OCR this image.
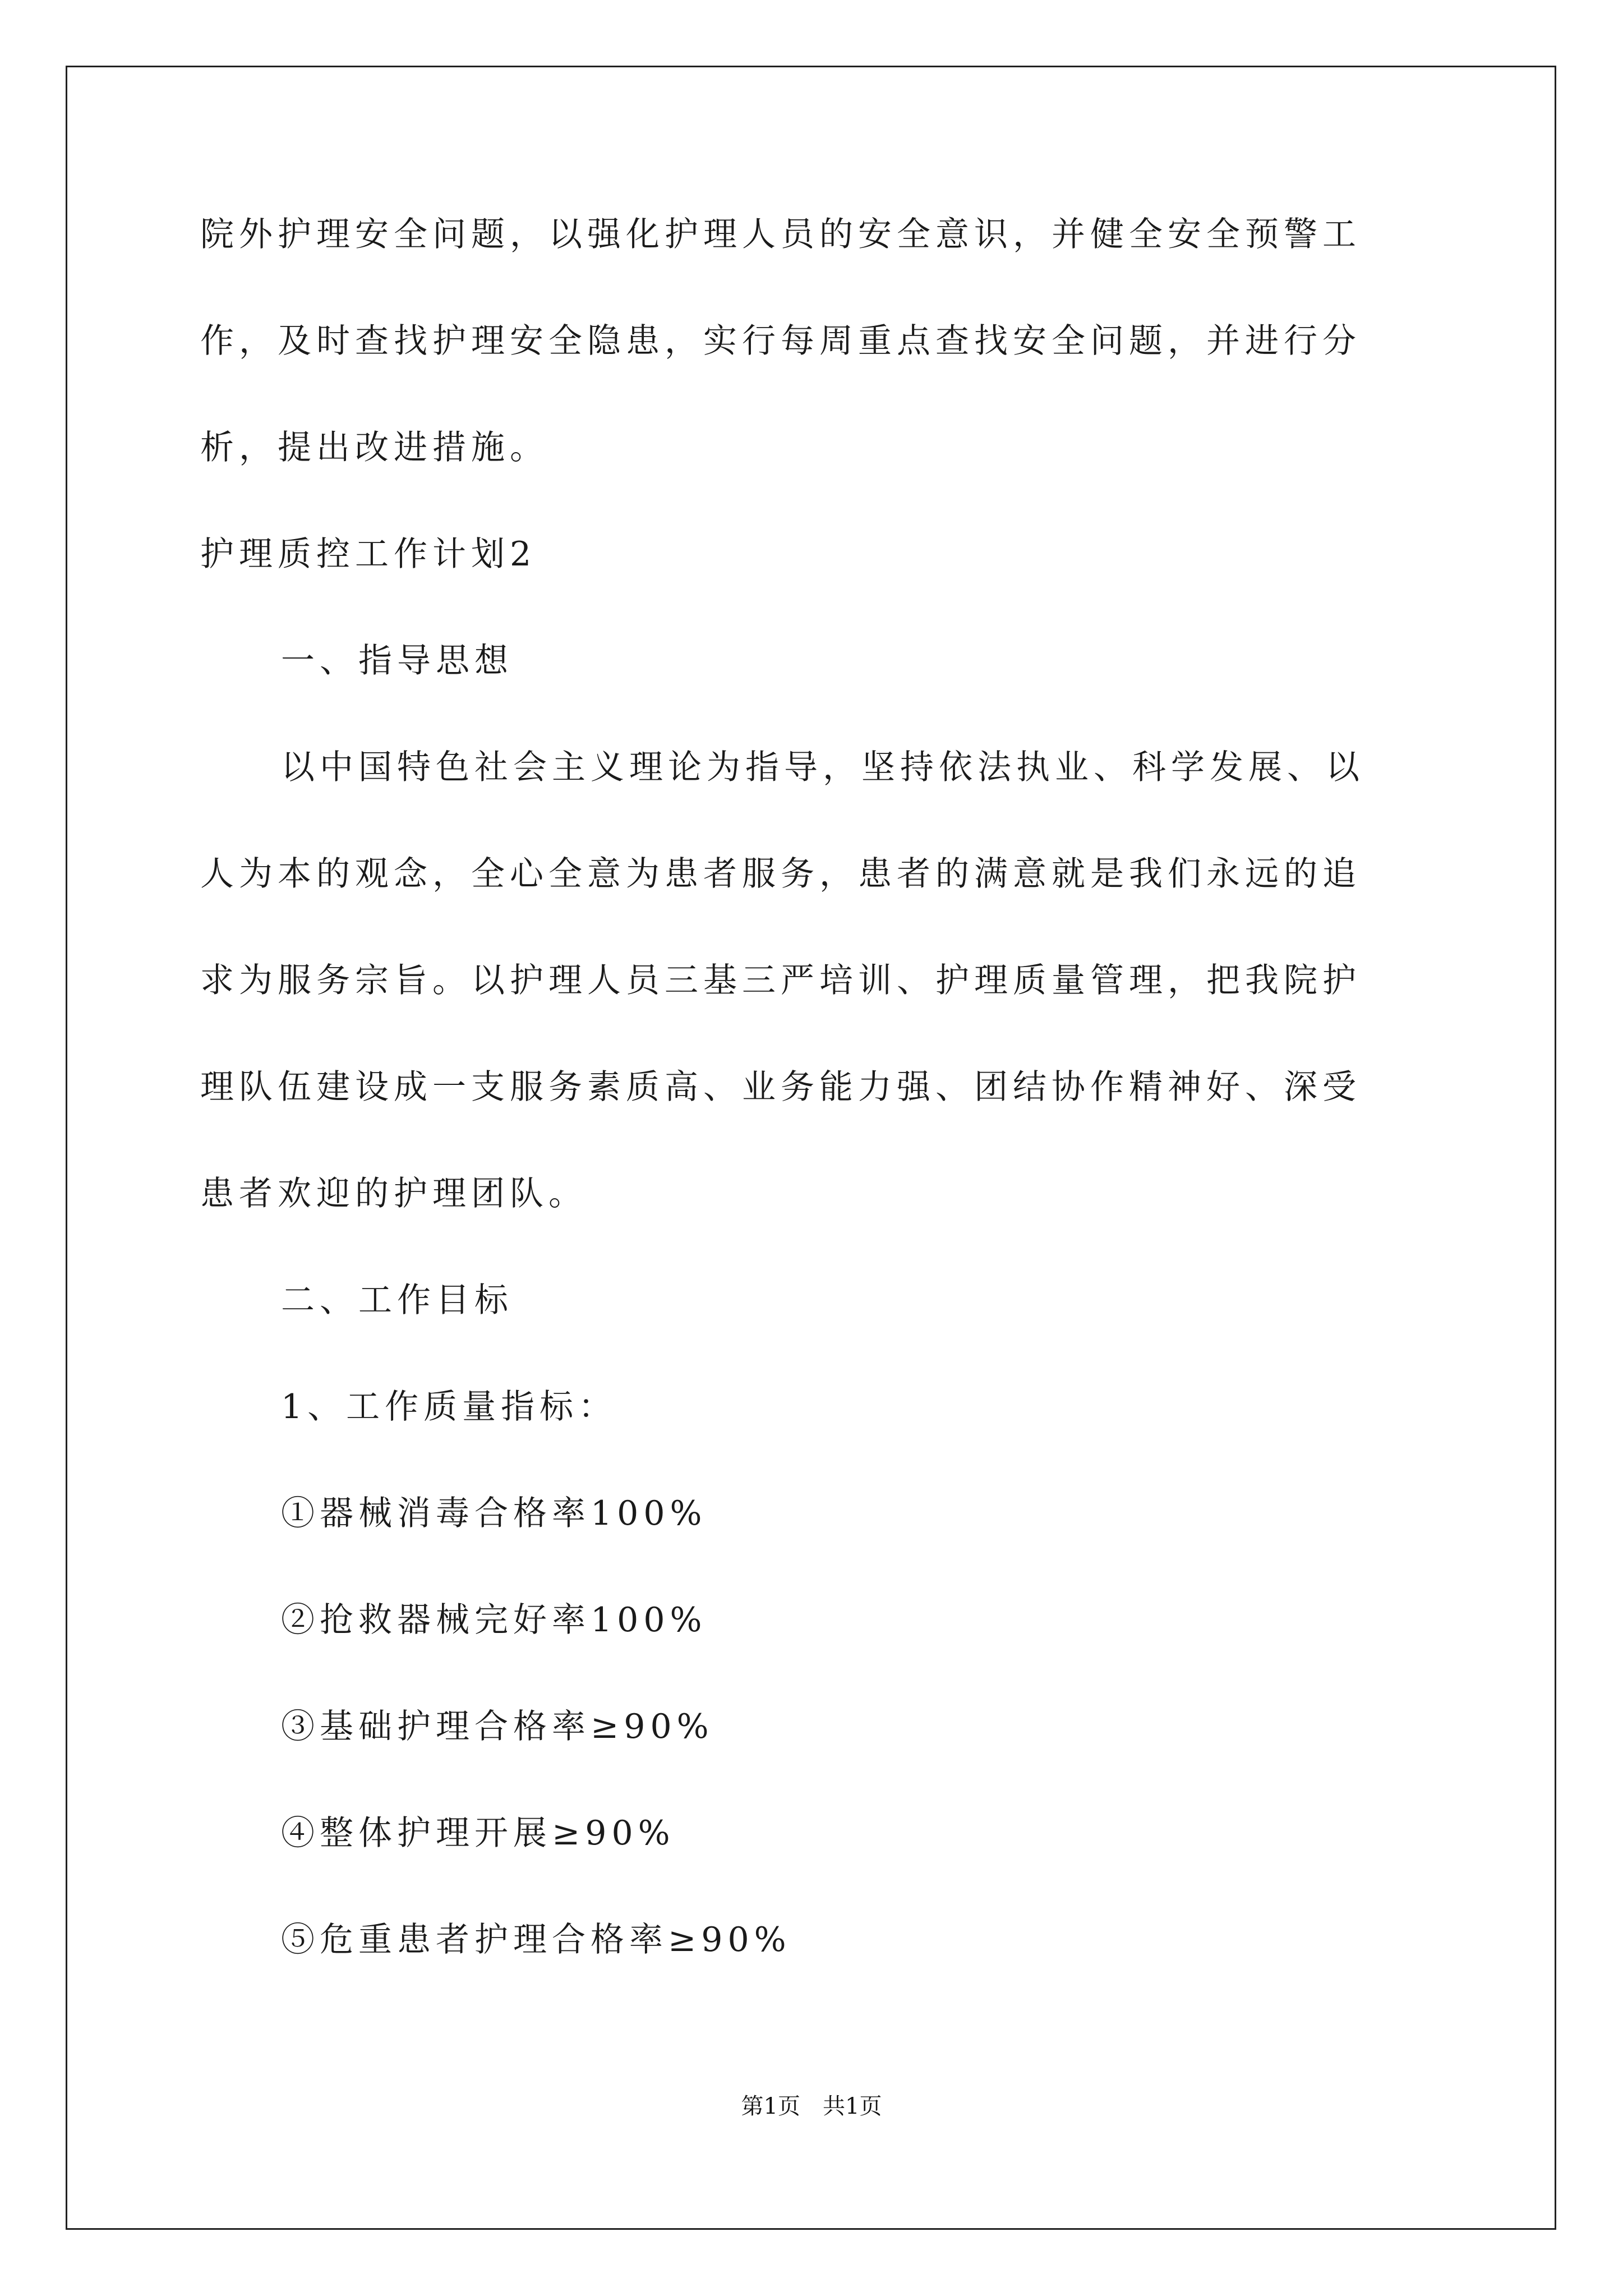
院外护理安全问题，以强化护理人员的安全意识，并健全安全预警工
作，及时查找护理安全隐患，实行每周重点查找安全问题，并进行分
析，提出改进措施。
护理质控工作计划2
一、指导思想
以中国特色社会主义理论为指导，坚持依法执业、科学发展、以
人为本的观念，全心全意为患者服务，患者的满意就是我们永远的追
求为服务宗旨。以护理人员三基三严培训、护理质量管理，把我院护
理队伍建设成一支服务素质高、业务能力强、团结协作精神好、深受
患者欢迎的护理团队。
二、工作目标
1、工作质量指标：
①器械消毒合格率100%
②抢救器械完好率100%
③基础护理合格率≥90%
④整体护理开展≥90%
⑤危重患者护理合格率≥90%
第1页　共1页
